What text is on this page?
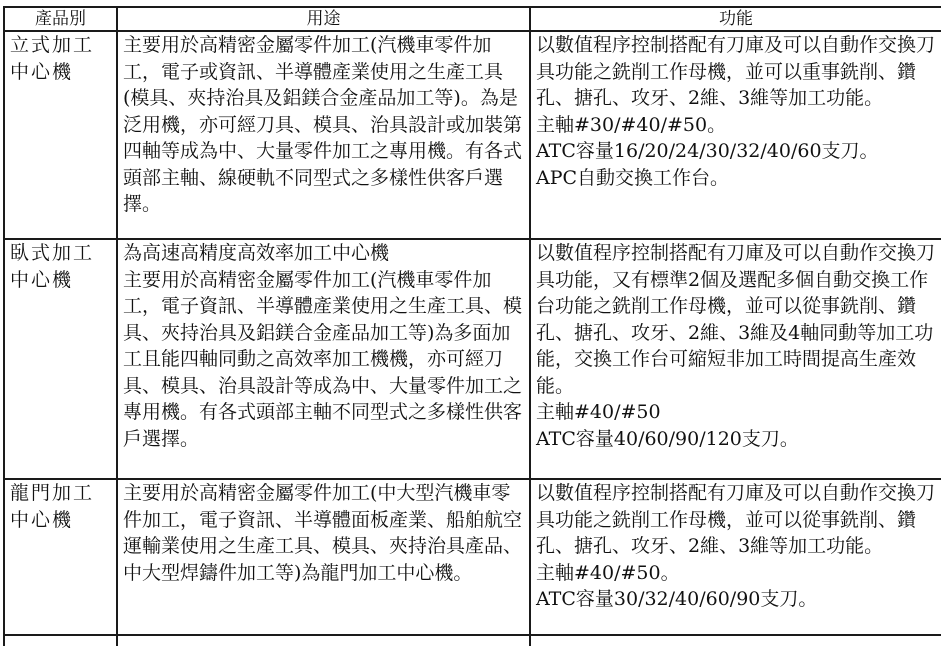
產品別	用途	功能

立式加工
中心機	主要用於高精密金屬零件加工(汽機車零件加工，電子或資訊、半導體產業使用之生產工具(模具、夾持治具及鋁鎂合金產品加工等)。為是泛用機，亦可經刀具、模具、治具設計或加裝第四軸等成為中、大量零件加工之專用機。有各式頭部主軸、線硬軌不同型式之多樣性供客戶選擇。	以數值程序控制搭配有刀庫及可以自動作交換刀具功能之銑削工作母機，並可以重事銑削、鑽孔、搪孔、攻牙、2維、3維等加工功能。
主軸#30/#40/#50。
ATC容量16/20/24/30/32/40/60支刀。
APC自動交換工作台。

臥式加工
中心機	為高速高精度高效率加工中心機
主要用於高精密金屬零件加工(汽機車零件加工，電子資訊、半導體產業使用之生產工具、模具、夾持治具及鋁鎂合金產品加工等)為多面加工且能四軸同動之高效率加工機機，亦可經刀具、模具、治具設計等成為中、大量零件加工之專用機。有各式頭部主軸不同型式之多樣性供客戶選擇。	以數值程序控制搭配有刀庫及可以自動作交換刀具功能，又有標準2個及選配多個自動交換工作台功能之銑削工作母機，並可以從事銑削、鑽孔、搪孔、攻牙、2維、3維及4軸同動等加工功能，交換工作台可縮短非加工時間提高生產效能。
主軸#40/#50
ATC容量40/60/90/120支刀。

龍門加工
中心機	主要用於高精密金屬零件加工(中大型汽機車零件加工，電子資訊、半導體面板產業、船舶航空運輸業使用之生產工具、模具、夾持治具產品、中大型焊鑄件加工等)為龍門加工中心機。	以數值程序控制搭配有刀庫及可以自動作交換刀具功能之銑削工作母機，並可以從事銑削、鑽孔、搪孔、攻牙、2維、3維等加工功能。
主軸#40/#50。
ATC容量30/32/40/60/90支刀。
